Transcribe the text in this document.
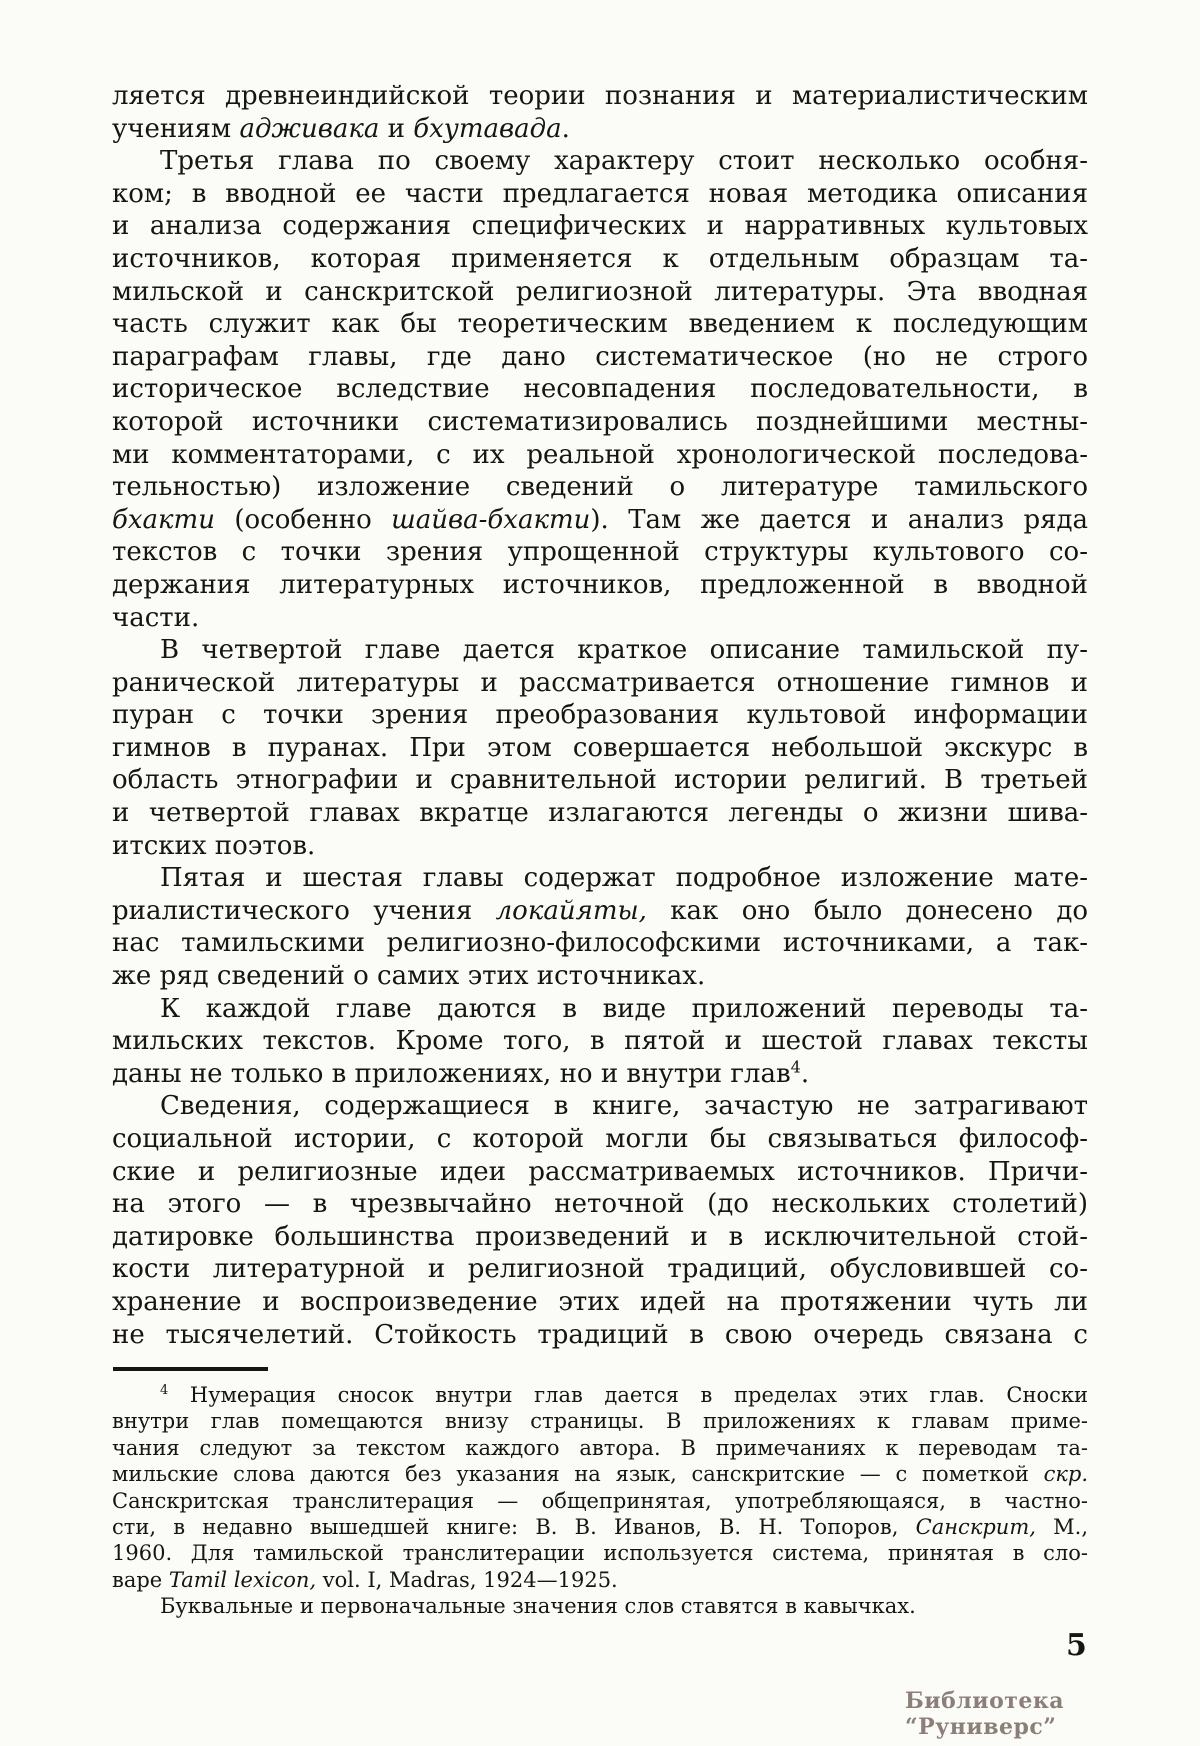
ляется древнеиндийской теории познания и материалистическим
учениям адживака и бхутавада.
Третья глава по своему характеру стоит несколько особня-
ком; в вводной ее части предлагается новая методика описания
и анализа содержания специфических и нарративных культовых
источников, которая применяется к отдельным образцам та-
мильской и санскритской религиозной литературы. Эта вводная
часть служит как бы теоретическим введением к последующим
параграфам главы, где дано систематическое (но не строго
историческое вследствие несовпадения последовательности, в
которой источники систематизировались позднейшими местны-
ми комментаторами, с их реальной хронологической последова-
тельностью) изложение сведений о литературе тамильского
бхакти (особенно шайва-бхакти). Там же дается и анализ ряда
текстов с точки зрения упрощенной структуры культового со-
держания литературных источников, предложенной в вводной
части.
В четвертой главе дается краткое описание тамильской пу-
ранической литературы и рассматривается отношение гимнов и
пуран с точки зрения преобразования культовой информации
гимнов в пуранах. При этом совершается небольшой экскурс в
область этнографии и сравнительной истории религий. В третьей
и четвертой главах вкратце излагаются легенды о жизни шива-
итских поэтов.
Пятая и шестая главы содержат подробное изложение мате-
риалистического учения локайяты, как оно было донесено до
нас тамильскими религиозно-философскими источниками, а так-
же ряд сведений о самих этих источниках.
К каждой главе даются в виде приложений переводы та-
мильских текстов. Кроме того, в пятой и шестой главах тексты
даны не только в приложениях, но и внутри глав$^4$.
Сведения, содержащиеся в книге, зачастую не затрагивают
социальной истории, с которой могли бы связываться философ-
ские и религиозные идеи рассматриваемых источников. Причи-
на этого — в чрезвычайно неточной (до нескольких столетий)
датировке большинства произведений и в исключительной стой-
кости литературной и религиозной традиций, обусловившей со-
хранение и воспроизведение этих идей на протяжении чуть ли
не тысячелетий. Стойкость традиций в свою очередь связана с
$^4$ Нумерация сносок внутри глав дается в пределах этих глав. Сноски
внутри глав помещаются внизу страницы. В приложениях к главам приме-
чания следуют за текстом каждого автора. В примечаниях к переводам та-
мильские слова даются без указания на язык, санскритские — с пометкой скр.
Санскритская транслитерация — общепринятая, употребляющаяся, в частно-
сти, в недавно вышедшей книге: В. В. Иванов, В. Н. Топоров, Санскрит, М.,
1960. Для тамильской транслитерации используется система, принятая в сло-
варе Tamil lexicon, vol. I, Madras, 1924—1925.
Буквальные и первоначальные значения слов ставятся в кавычках.
5
Библиотека “Руниверс”
